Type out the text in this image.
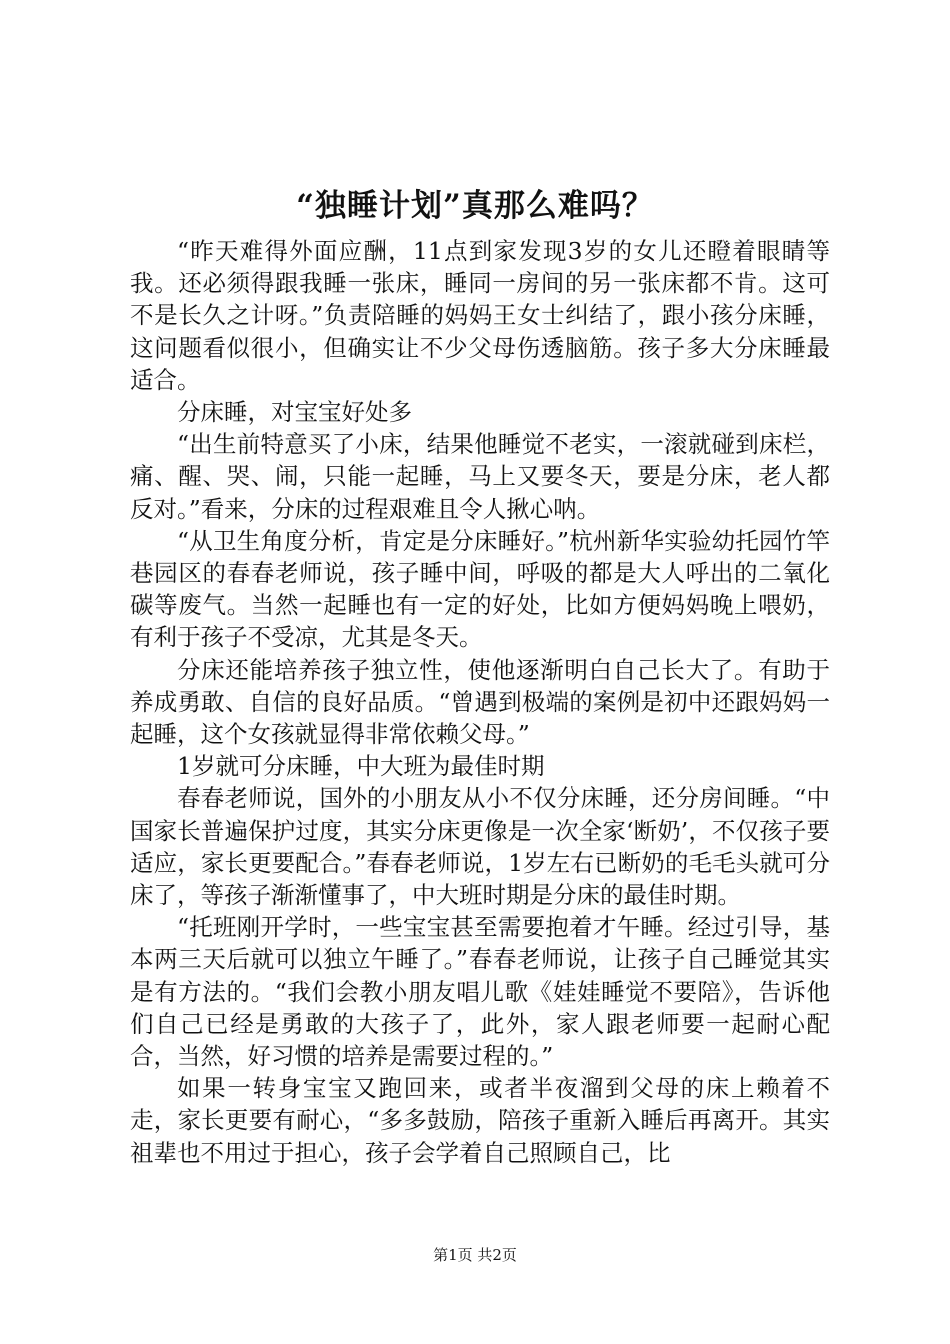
“独睡计划”真那么难吗？

“昨天难得外面应酬，11点到家发现3岁的女儿还瞪着眼睛等我。还必须得跟我睡一张床，睡同一房间的另一张床都不肯。这可不是长久之计呀。”负责陪睡的妈妈王女士纠结了，跟小孩分床睡，这问题看似很小，但确实让不少父母伤透脑筋。孩子多大分床睡最适合。

分床睡，对宝宝好处多

“出生前特意买了小床，结果他睡觉不老实，一滚就碰到床栏，痛、醒、哭、闹，只能一起睡，马上又要冬天，要是分床，老人都反对。”看来，分床的过程艰难且令人揪心呐。

“从卫生角度分析，肯定是分床睡好。”杭州新华实验幼托园竹竿巷园区的春春老师说，孩子睡中间，呼吸的都是大人呼出的二氧化碳等废气。当然一起睡也有一定的好处，比如方便妈妈晚上喂奶，有利于孩子不受凉，尤其是冬天。

分床还能培养孩子独立性，使他逐渐明白自己长大了。有助于养成勇敢、自信的良好品质。“曾遇到极端的案例是初中还跟妈妈一起睡，这个女孩就显得非常依赖父母。”

1岁就可分床睡，中大班为最佳时期

春春老师说，国外的小朋友从小不仅分床睡，还分房间睡。“中国家长普遍保护过度，其实分床更像是一次全家‘断奶’，不仅孩子要适应，家长更要配合。”春春老师说，1岁左右已断奶的毛毛头就可分床了，等孩子渐渐懂事了，中大班时期是分床的最佳时期。

“托班刚开学时，一些宝宝甚至需要抱着才午睡。经过引导，基本两三天后就可以独立午睡了。”春春老师说，让孩子自己睡觉其实是有方法的。“我们会教小朋友唱儿歌《娃娃睡觉不要陪》，告诉他们自己已经是勇敢的大孩子了，此外，家人跟老师要一起耐心配合，当然，好习惯的培养是需要过程的。”

如果一转身宝宝又跑回来，或者半夜溜到父母的床上赖着不走，家长更要有耐心，“多多鼓励，陪孩子重新入睡后再离开。其实祖辈也不用过于担心，孩子会学着自己照顾自己，比

第1页 共2页
